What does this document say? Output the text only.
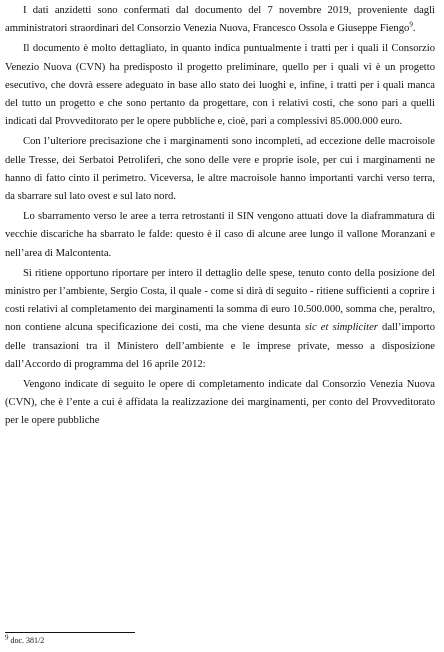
I dati anzidetti sono confermati dal documento del 7 novembre 2019, proveniente dagli amministratori straordinari del Consorzio Venezia Nuova, Francesco Ossola e Giuseppe Fiengo$^9$.

Il documento è molto dettagliato, in quanto indica puntualmente i tratti per i quali il Consorzio Venezio Nuova (CVN) ha predisposto il progetto preliminare, quello per i quali vi è un progetto esecutivo, che dovrà essere adeguato in base allo stato dei luoghi e, infine, i tratti per i quali manca del tutto un progetto e che sono pertanto da progettare, con i relativi costi, che sono pari a quelli indicati dal Provveditorato per le opere pubbliche e, cioè, pari a complessivi 85.000.000 euro.

Con l’ulteriore precisazione che i marginamenti sono incompleti, ad eccezione delle macroisole delle Tresse, dei Serbatoi Petroliferi, che sono delle vere e proprie isole, per cui i marginamenti ne hanno di fatto cinto il perimetro. Viceversa, le altre macroisole hanno importanti varchi verso terra, da sbarrare sul lato ovest e sul lato nord.

Lo sbarramento verso le aree a terra retrostanti il SIN vengono attuati dove la diaframmatura di vecchie discariche ha sbarrato le falde: questo è il caso di alcune aree lungo il vallone Moranzani e nell’area di Malcontenta.

Si ritiene opportuno riportare per intero il dettaglio delle spese, tenuto conto della posizione del ministro per l’ambiente, Sergio Costa, il quale - come si dirà di seguito - ritiene sufficienti a coprire i costi relativi al completamento dei marginamenti la somma di euro 10.500.000, somma che, peraltro, non contiene alcuna specificazione dei costi, ma che viene desunta sic et simpliciter dall’importo delle transazioni tra il Ministero dell’ambiente e le imprese private, messo a disposizione dall’Accordo di programma del 16 aprile 2012:

Vengono indicate di seguito le opere di completamento indicate dal Consorzio Venezia Nuova (CVN), che è l’ente a cui è affidata la realizzazione dei marginamenti, per conto del Provveditorato per le opere pubbliche

$^9$ doc. 381/2
